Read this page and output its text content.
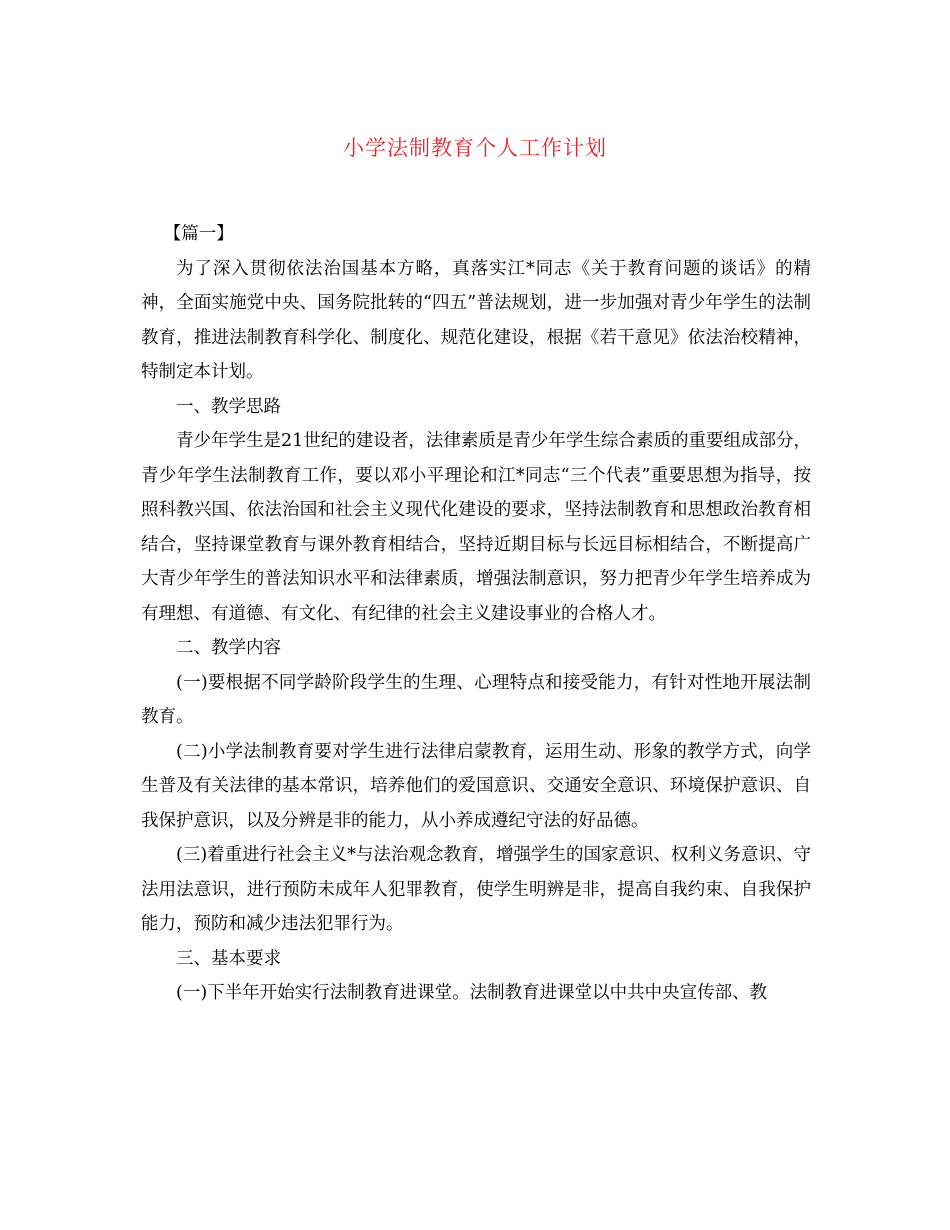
小学法制教育个人工作计划

【篇一】

为了深入贯彻依法治国基本方略，真落实江*同志《关于教育问题的谈话》的精神，全面实施党中央、国务院批转的“四五”普法规划，进一步加强对青少年学生的法制教育，推进法制教育科学化、制度化、规范化建设，根据《若干意见》依法治校精神，特制定本计划。

一、教学思路

青少年学生是21世纪的建设者，法律素质是青少年学生综合素质的重要组成部分，青少年学生法制教育工作，要以邓小平理论和江*同志“三个代表”重要思想为指导，按照科教兴国、依法治国和社会主义现代化建设的要求，坚持法制教育和思想政治教育相结合，坚持课堂教育与课外教育相结合，坚持近期目标与长远目标相结合，不断提高广大青少年学生的普法知识水平和法律素质，增强法制意识，努力把青少年学生培养成为有理想、有道德、有文化、有纪律的社会主义建设事业的合格人才。

二、教学内容

(一)要根据不同学龄阶段学生的生理、心理特点和接受能力，有针对性地开展法制教育。

(二)小学法制教育要对学生进行法律启蒙教育，运用生动、形象的教学方式，向学生普及有关法律的基本常识，培养他们的爱国意识、交通安全意识、环境保护意识、自我保护意识，以及分辨是非的能力，从小养成遵纪守法的好品德。

(三)着重进行社会主义*与法治观念教育，增强学生的国家意识、权利义务意识、守法用法意识，进行预防未成年人犯罪教育，使学生明辨是非，提高自我约束、自我保护能力，预防和减少违法犯罪行为。

三、基本要求

(一)下半年开始实行法制教育进课堂。法制教育进课堂以中共中央宣传部、教
